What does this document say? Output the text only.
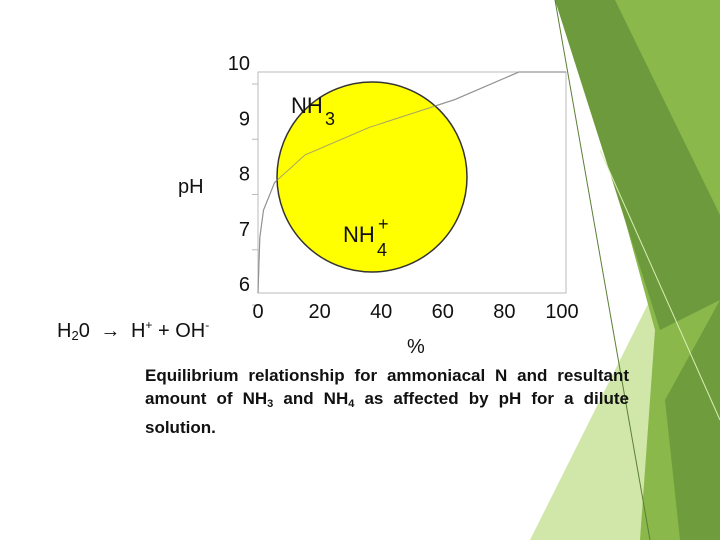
6
7
8
9
10
0 20 40 60 80 100
pH
%
NH
3
NH +
4
$H_20 \to H^+ + OH^-$
Equilibrium relationship for ammoniacal N and resultant amount of $NH_3$ and $NH_4$ as affected by pH for a dilute solution.
